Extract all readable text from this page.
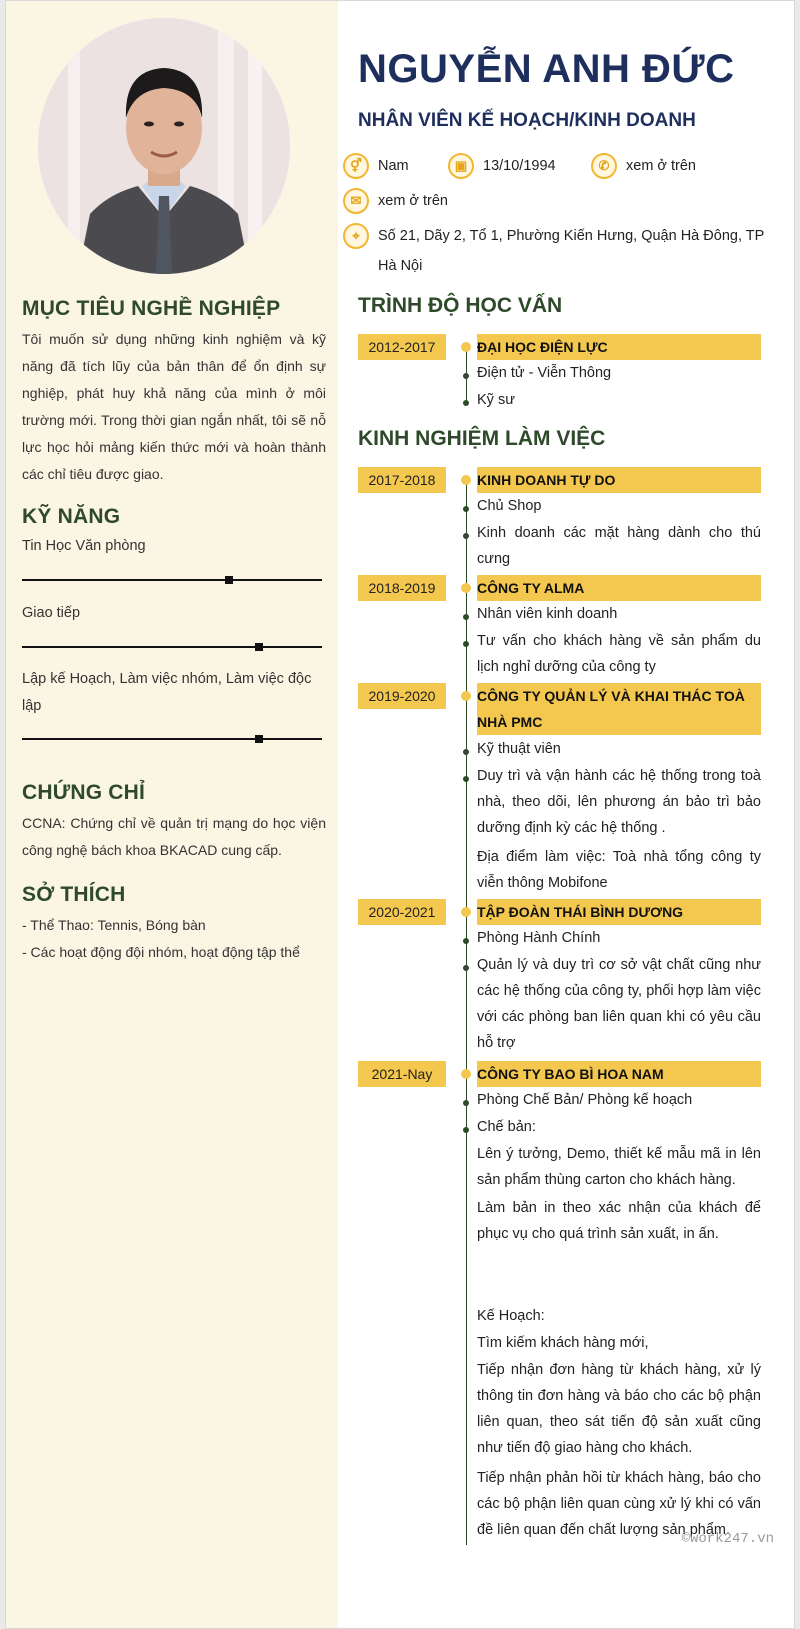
MỤC TIÊU NGHỀ NGHIỆP
Tôi muốn sử dụng những kinh nghiệm và kỹ năng đã tích lũy của bản thân để ổn định sự nghiệp, phát huy khả năng của mình ở môi trường mới. Trong thời gian ngắn nhất, tôi sẽ nỗ lực học hỏi mảng kiến thức mới và hoàn thành các chỉ tiêu được giao.
KỸ NĂNG
Tin Học Văn phòng
Giao tiếp
Lập kế Hoạch, Làm việc nhóm, Làm việc độc lập
CHỨNG CHỈ
CCNA: Chứng chỉ về quản trị mạng do học viện công nghệ bách khoa BKACAD cung cấp.
SỞ THÍCH
- Thể Thao: Tennis, Bóng bàn
- Các hoạt động đội nhóm, hoạt động tập thể
NGUYỄN ANH ĐỨC
NHÂN VIÊN KẾ HOẠCH/KINH DOANH
⚥	Nam	▣	13/10/1994	✆	xem ở trên
✉	xem ở trên
⌖	Số 21, Dãy 2, Tổ 1, Phường Kiến Hưng, Quận Hà Đông, TP
Hà Nội
TRÌNH ĐỘ HỌC VẤN
2012-2017	ĐẠI HỌC ĐIỆN LỰC
Điện tử - Viễn Thông
Kỹ sư
KINH NGHIỆM LÀM VIỆC
2017-2018	KINH DOANH TỰ DO
Chủ Shop
Kinh doanh các mặt hàng dành cho thú cưng
2018-2019	CÔNG TY ALMA
Nhân viên kinh doanh
Tư vấn cho khách hàng về sản phẩm du lịch nghỉ dưỡng của công ty
2019-2020	CÔNG TY QUẢN LÝ VÀ KHAI THÁC TOÀ NHÀ PMC
Kỹ thuật viên
Duy trì và vận hành các hệ thống trong toà nhà, theo dõi, lên phương án bảo trì bảo dưỡng định kỳ các hệ thống .
Địa điểm làm việc: Toà nhà tổng công ty viễn thông Mobifone
2020-2021	TẬP ĐOÀN THÁI BÌNH DƯƠNG
Phòng Hành Chính
Quản lý và duy trì cơ sở vật chất cũng như các hệ thống của công ty, phối hợp làm việc với các phòng ban liên quan khi có yêu cầu hỗ trợ
2021-Nay	CÔNG TY BAO BÌ HOA NAM
Phòng Chế Bản/ Phòng kế hoạch
Chế bản:
Lên ý tưởng, Demo, thiết kế mẫu mã in lên sản phẩm thùng carton cho khách hàng.
Làm bản in theo xác nhận của khách để phục vụ cho quá trình sản xuất, in ấn.
Kế Hoạch:
Tìm kiếm khách hàng mới,
Tiếp nhận đơn hàng từ khách hàng, xử lý thông tin đơn hàng và báo cho các bộ phận liên quan, theo sát tiến độ sản xuất cũng như tiến độ giao hàng cho khách.
Tiếp nhận phản hồi từ khách hàng, báo cho các bộ phận liên quan cùng xử lý khi có vấn đề liên quan đến chất lượng sản phẩm.
©work247.vn
